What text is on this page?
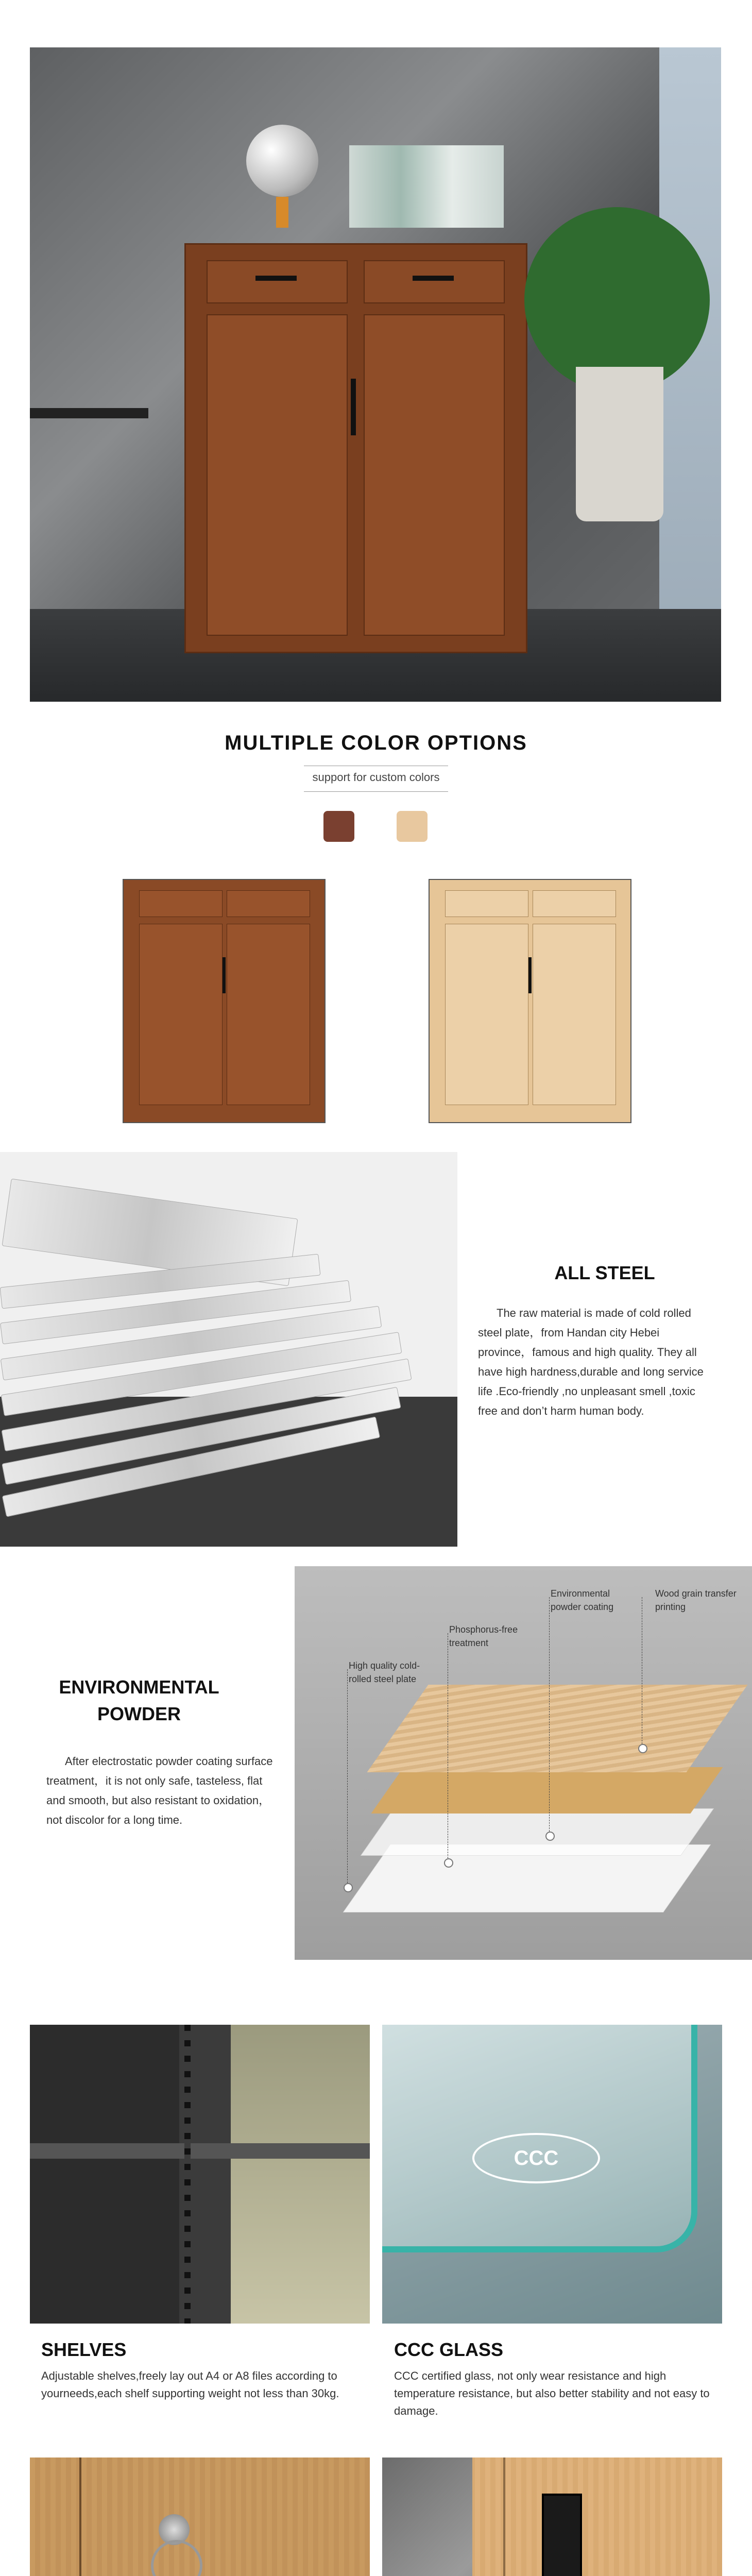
MULTIPLE COLOR OPTIONS
support for custom colors
ALL STEEL
The raw material is made of cold rolled steel plate，from Handan city Hebei province，famous and high quality. They all have high hardness,durable and long service life .Eco-friendly ,no unpleasant smell ,toxic free and don’t harm human body.
ENVIRONMENTAL
POWDER
After electrostatic powder coating surface treatment，it is not only safe, tasteless, flat and smooth, but also resistant to oxidation，not discolor for a long time.
High quality cold-rolled steel plate
Phosphorus-free treatment
Environmental powder coating
Wood grain transfer printing
CCC
SHELVES
Adjustable shelves,freely lay out A4 or A8 files according to yourneeds,each shelf supporting weight not less than 30kg.
CCC GLASS
CCC certified glass, not only wear resistance and high temperature resistance, but also better stability and not easy to damage.
